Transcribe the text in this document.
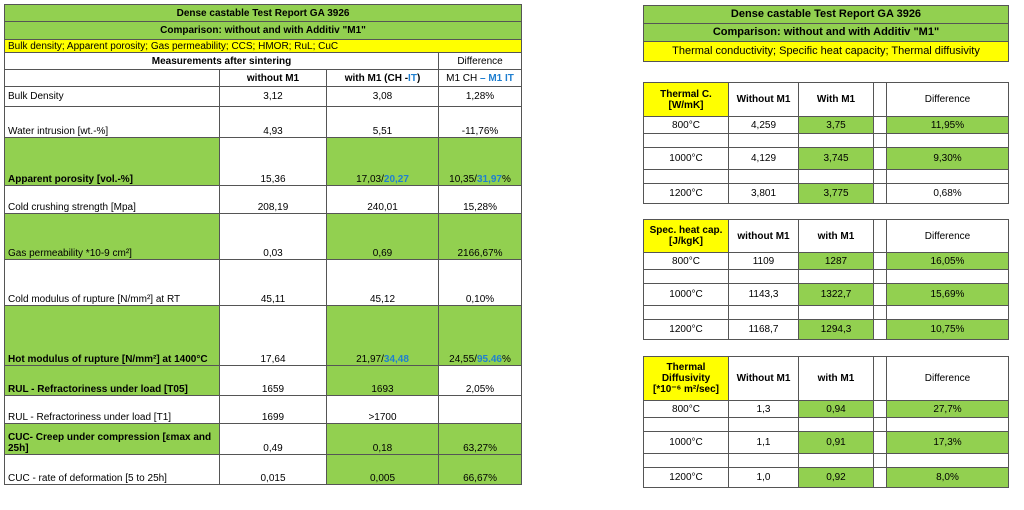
Dense castable Test Report GA 3926			
Comparison: without and with Additiv "M1"			
Bulk density; Apparent porosity; Gas permeability; CCS; HMOR; RuL; CuC			
Measurements after sintering			Difference
	without M1	with M1 (CH -IT)	M1 CH – M1 IT
Bulk Density	3,12	3,08	1,28%
Water intrusion [wt.-%]	4,93	5,51	-11,76%
Apparent porosity [vol.-%]	15,36	17,03/20,27	10,35/31,97%
Cold crushing strength [Mpa]	208,19	240,01	15,28%
Gas permeability *10-9 cm²]	0,03	0,69	2166,67%
Cold modulus of rupture [N/mm²] at RT	45,11	45,12	0,10%
Hot modulus of rupture [N/mm²] at 1400°C	17,64	21,97/34,48	24,55/95.46%
RUL - Refractoriness under load [T05]	1659	1693	2,05%
RUL - Refractoriness under load [T1]	1699	>1700	
CUC- Creep under compression [εmax and 25h]	0,49	0,18	63,27%
CUC - rate of deformation [5 to 25h]	0,015	0,005	66,67%
Dense castable Test Report GA 3926
Comparison: without and with Additiv "M1"
Thermal conductivity; Specific heat capacity; Thermal diffusivity
Thermal C.
[W/mK]	Without M1	With M1		Difference
800°C	4,259	3,75		11,95%

1000°C	4,129	3,745		9,30%

1200°C	3,801	3,775		0,68%
Spec. heat cap.
[J/kgK]	without M1	with M1		Difference
800°C	1109	1287		16,05%

1000°C	1143,3	1322,7		15,69%

1200°C	1168,7	1294,3		10,75%
Thermal
Diffusivity
[*10⁻⁶ m²/sec]	Without M1	with M1		Difference
800°C	1,3	0,94		27,7%

1000°C	1,1	0,91		17,3%

1200°C	1,0	0,92		8,0%
